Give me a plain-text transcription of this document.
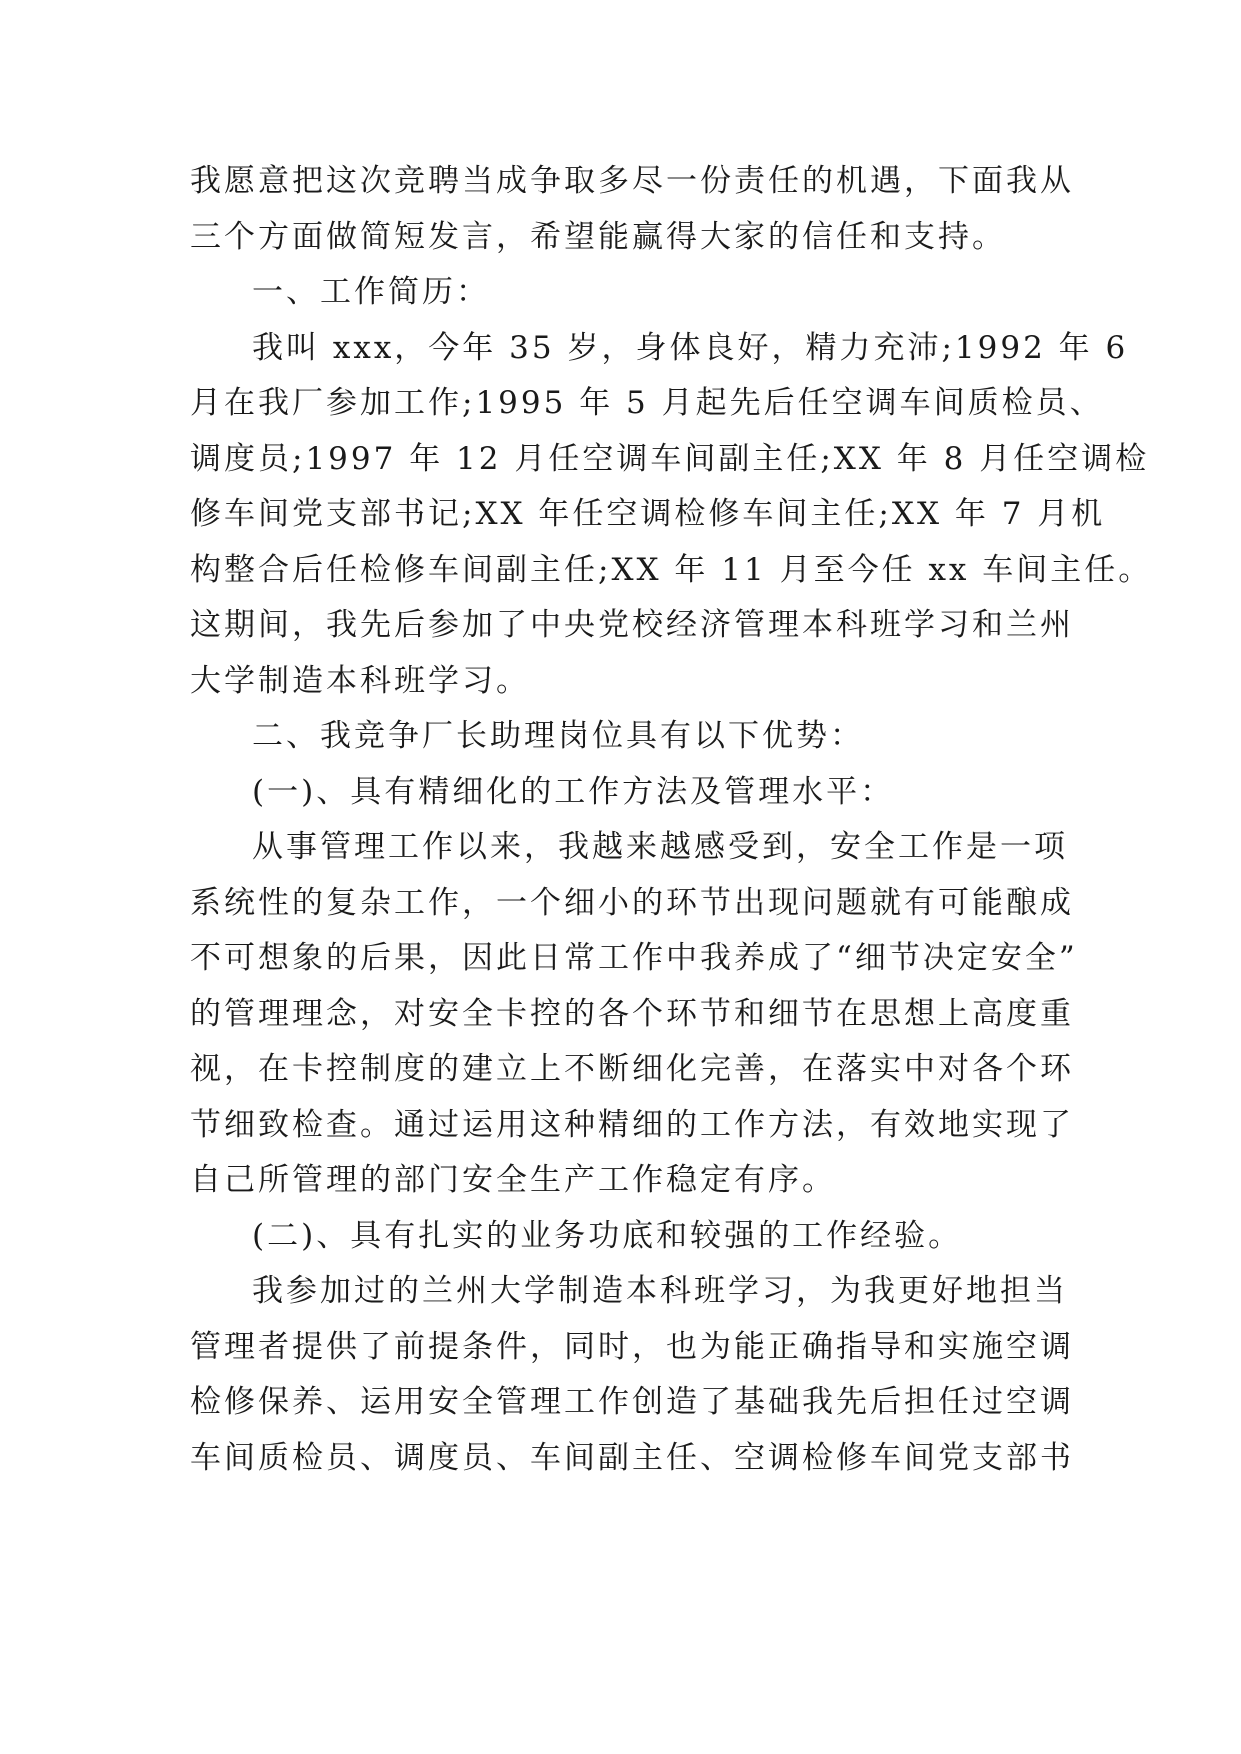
我愿意把这次竞聘当成争取多尽一份责任的机遇，下面我从
三个方面做简短发言，希望能赢得大家的信任和支持。
一、工作简历：
我叫 xxx，今年 35 岁，身体良好，精力充沛;1992 年 6
月在我厂参加工作;1995 年 5 月起先后任空调车间质检员、
调度员;1997 年 12 月任空调车间副主任;XX 年 8 月任空调检
修车间党支部书记;XX 年任空调检修车间主任;XX 年 7 月机
构整合后任检修车间副主任;XX 年 11 月至今任 xx 车间主任。
这期间，我先后参加了中央党校经济管理本科班学习和兰州
大学制造本科班学习。
二、我竞争厂长助理岗位具有以下优势：
(一)、具有精细化的工作方法及管理水平：
从事管理工作以来，我越来越感受到，安全工作是一项
系统性的复杂工作，一个细小的环节出现问题就有可能酿成
不可想象的后果，因此日常工作中我养成了“细节决定安全”
的管理理念，对安全卡控的各个环节和细节在思想上高度重
视，在卡控制度的建立上不断细化完善，在落实中对各个环
节细致检查。通过运用这种精细的工作方法，有效地实现了
自己所管理的部门安全生产工作稳定有序。
(二)、具有扎实的业务功底和较强的工作经验。
我参加过的兰州大学制造本科班学习，为我更好地担当
管理者提供了前提条件，同时，也为能正确指导和实施空调
检修保养、运用安全管理工作创造了基础我先后担任过空调
车间质检员、调度员、车间副主任、空调检修车间党支部书
